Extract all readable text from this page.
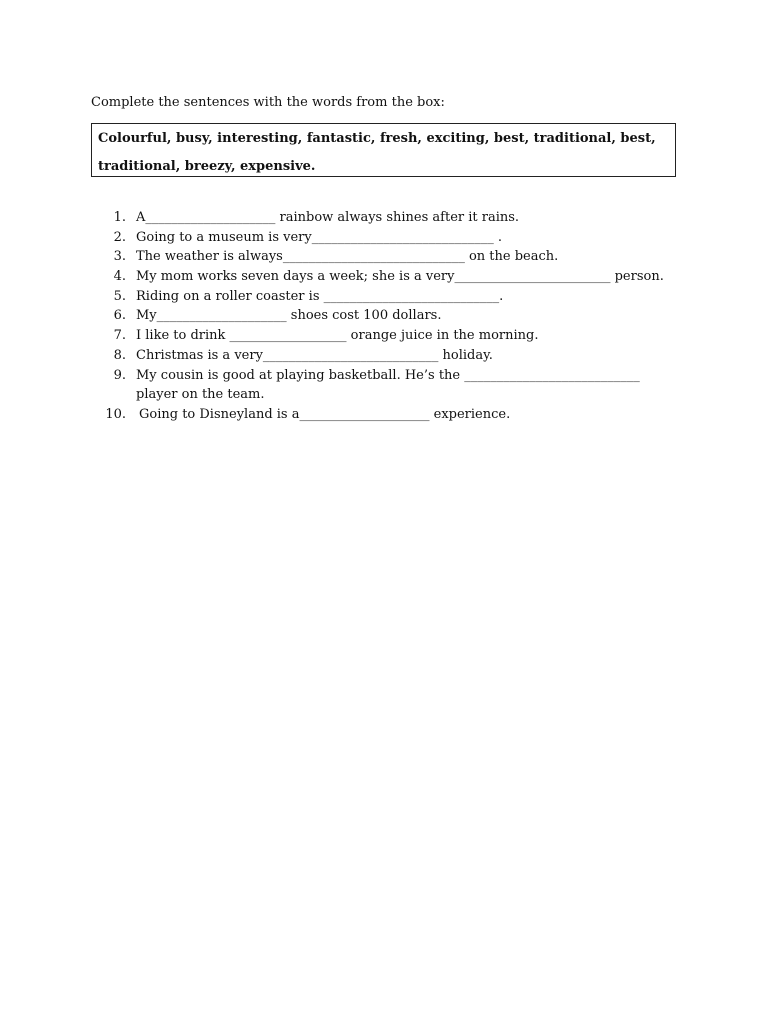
Complete the sentences with the words from the box:
Colourful, busy, interesting, fantastic, fresh, exciting, best, traditional, best,
traditional, breezy, expensive.
1. A____________________ rainbow always shines after it rains.
2. Going to a museum is very____________________________ .
3. The weather is always____________________________ on the beach.
4. My mom works seven days a week; she is a very________________________ person.
5. Riding on a roller coaster is ___________________________.
6. My____________________ shoes cost 100 dollars.
7. I like to drink __________________ orange juice in the morning.
8. Christmas is a very___________________________ holiday.
9. My cousin is good at playing basketball. He’s the ___________________________ player on the team.
10. Going to Disneyland is a____________________ experience.
